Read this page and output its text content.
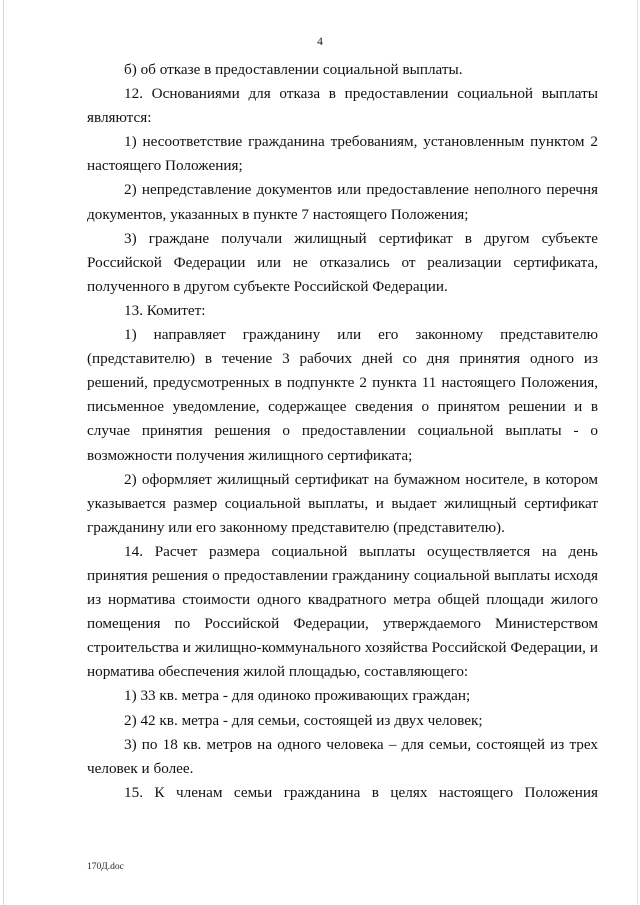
4

б) об отказе в предоставлении социальной выплаты.

12. Основаниями для отказа в предоставлении социальной выплаты являются:

1) несоответствие гражданина требованиям, установленным пунктом 2 настоящего Положения;

2) непредставление документов или предоставление неполного перечня документов, указанных в пункте 7 настоящего Положения;

3) граждане получали жилищный сертификат в другом субъекте Российской Федерации или не отказались от реализации сертификата, полученного в другом субъекте Российской Федерации.

13. Комитет:

1) направляет гражданину или его законному представителю (представителю) в течение 3 рабочих дней со дня принятия одного из решений, предусмотренных в подпункте 2 пункта 11 настоящего Положения, письменное уведомление, содержащее сведения о принятом решении и в случае принятия решения о предоставлении социальной выплаты - о возможности получения жилищного сертификата;

2) оформляет жилищный сертификат на бумажном носителе, в котором указывается размер социальной выплаты, и выдает жилищный сертификат гражданину или его законному представителю (представителю).

14. Расчет размера социальной выплаты осуществляется на день принятия решения о предоставлении гражданину социальной выплаты исходя из норматива стоимости одного квадратного метра общей площади жилого помещения по Российской Федерации, утверждаемого Министерством строительства и жилищно-коммунального хозяйства Российской Федерации, и норматива обеспечения жилой площадью, составляющего:

1) 33 кв. метра - для одиноко проживающих граждан;

2) 42 кв. метра - для семьи, состоящей из двух человек;

3) по 18 кв. метров на одного человека – для семьи, состоящей из трех человек и более.

15. К членам семьи гражданина в целях настоящего Положения

170Д.doc
